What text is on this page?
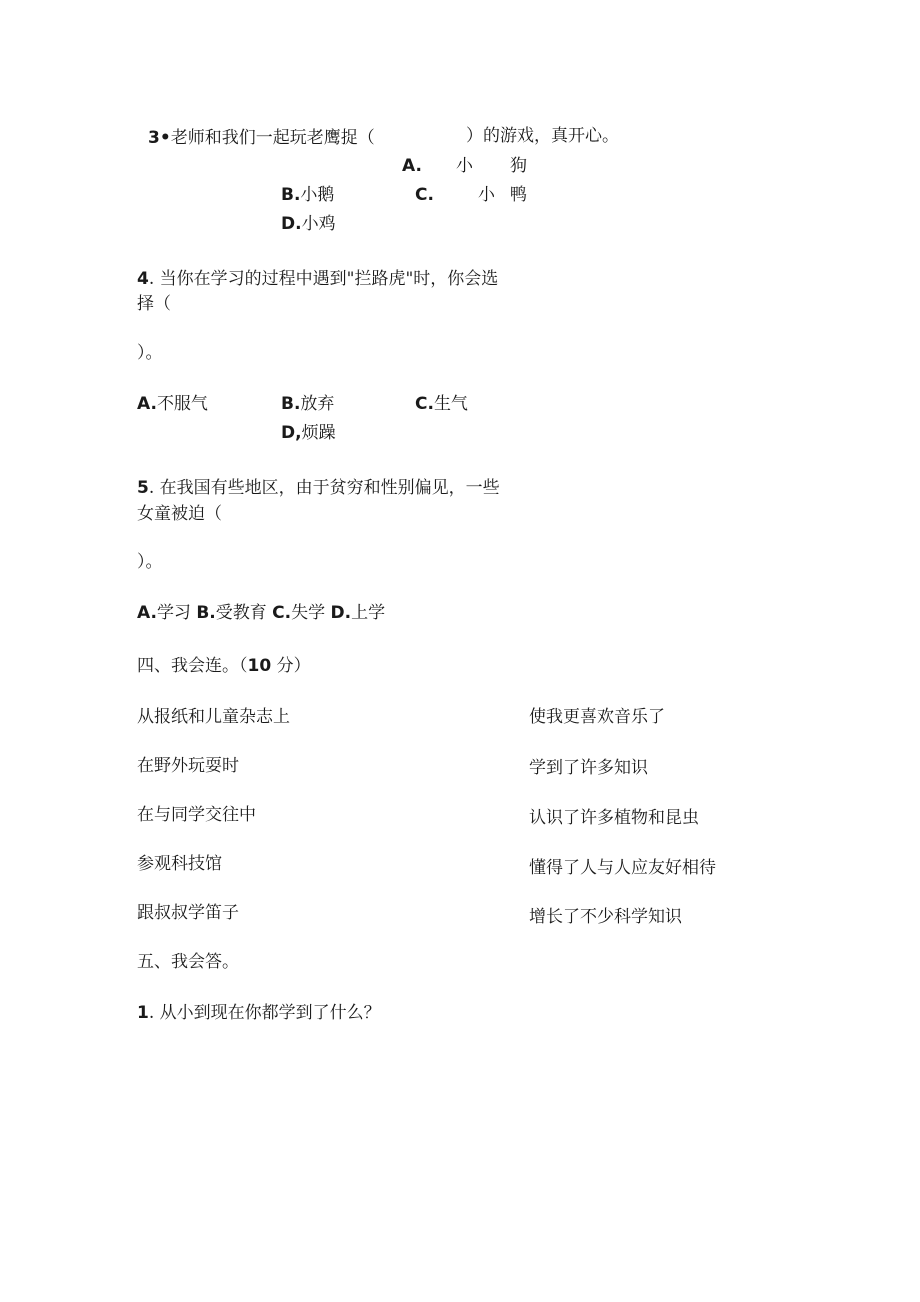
3•老师和我们一起玩老鹰捉（	）的游戏，真开心。
A. 小 狗
B.小鹅	C.	小 鸭
D.小鸡
4. 当你在学习的过程中遇到"拦路虎"时，你会选
择（
）。
A.不服气	B.放弃	C.生气
D,烦躁
5. 在我国有些地区，由于贫穷和性别偏见，一些
女童被迫（
）。
A.学习 B.受教育 C.失学 D.上学
四、我会连。（10 分）
从报纸和儿童杂志上
在野外玩耍时
在与同学交往中
参观科技馆
跟叔叔学笛子
使我更喜欢音乐了
学到了许多知识
认识了许多植物和昆虫
懂得了人与人应友好相待
增长了不少科学知识
五、我会答。
1. 从小到现在你都学到了什么？
